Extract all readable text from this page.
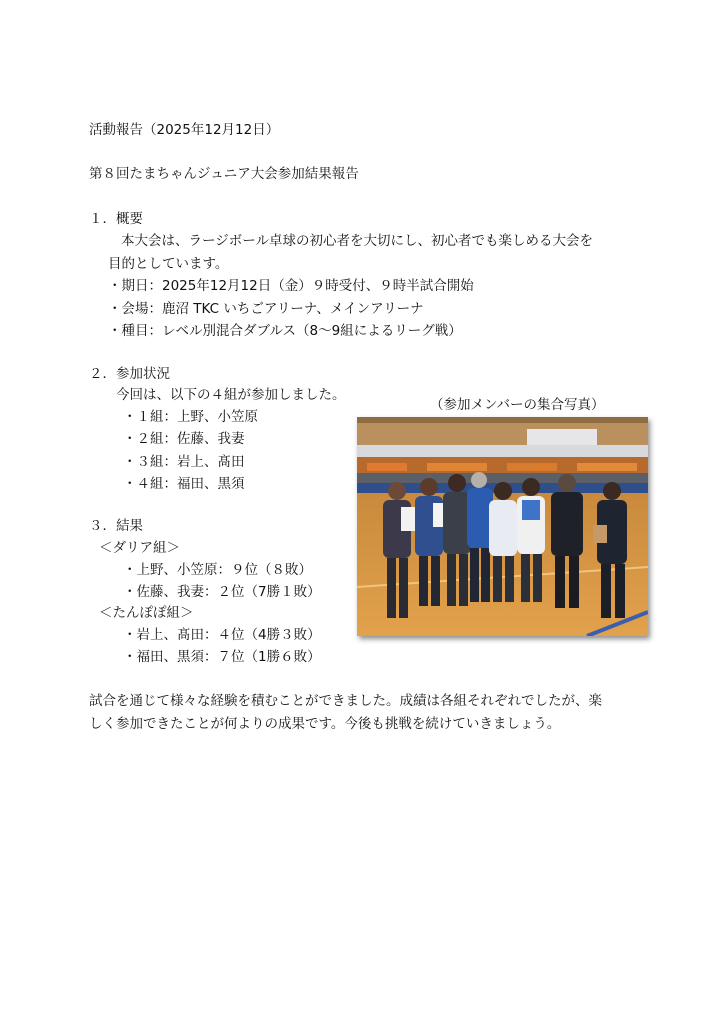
活動報告（2025年12月12日）
第８回たまちゃんジュニア大会参加結果報告
１．概要
本大会は、ラージボール卓球の初心者を大切にし、初心者でも楽しめる大会を
目的としています。
・期日：2025年12月12日（金）９時受付、９時半試合開始
・会場：鹿沼 TKC いちごアリーナ、メインアリーナ
・種目：レベル別混合ダブルス（8～9組によるリーグ戦）
２．参加状況
今回は、以下の４組が参加しました。
・１組：上野、小笠原
・２組：佐藤、我妻
・３組：岩上、髙田
・４組：福田、黒須
（参加メンバーの集合写真）
３．結果
＜ダリア組＞
・上野、小笠原：９位（８敗）
・佐藤、我妻：２位（7勝１敗）
＜たんぽぽ組＞
・岩上、髙田：４位（4勝３敗）
・福田、黒須：７位（1勝６敗）
試合を通じて様々な経験を積むことができました。成績は各組それぞれでしたが、楽
しく参加できたことが何よりの成果です。今後も挑戦を続けていきましょう。
